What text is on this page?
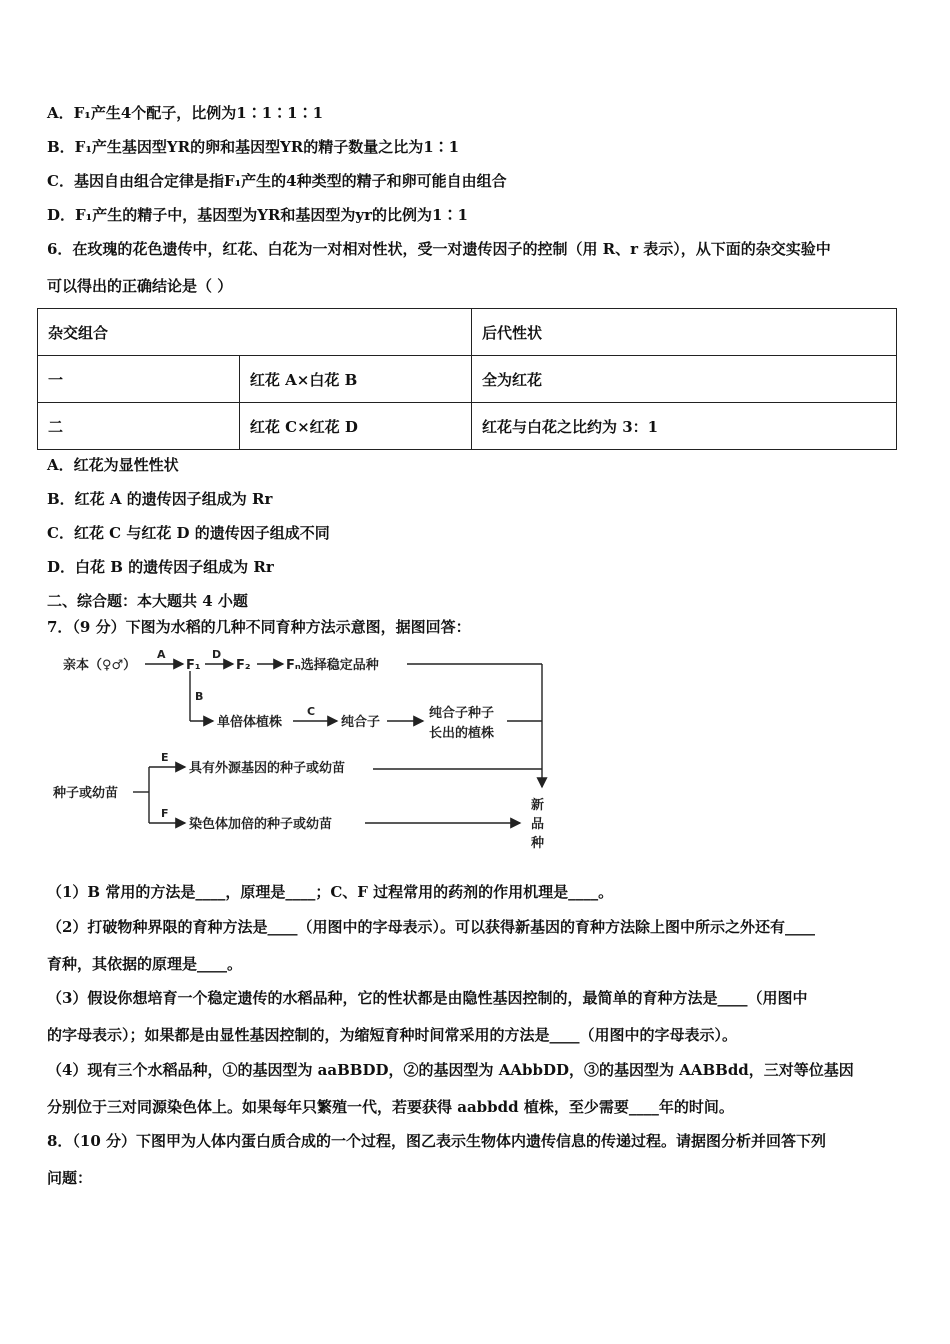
A．F₁产生4个配子，比例为1∶1∶1∶1
B．F₁产生基因型YR的卵和基因型YR的精子数量之比为1∶1
C．基因自由组合定律是指F₁产生的4种类型的精子和卵可能自由组合
D．F₁产生的精子中，基因型为YR和基因型为yr的比例为1∶1
6．在玫瑰的花色遗传中，红花、白花为一对相对性状，受一对遗传因子的控制（用 R、r 表示），从下面的杂交实验中
可以得出的正确结论是（ ）
杂交组合		后代性状
一	红花 A×白花 B	全为红花
二	红花 C×红花 D	红花与白花之比约为 3：1
A．红花为显性性状
B．红花 A 的遗传因子组成为 Rr
C．红花 C 与红花 D 的遗传因子组成不同
D．白花 B 的遗传因子组成为 Rr
二、综合题：本大题共 4 小题
7．（9 分）下图为水稻的几种不同育种方法示意图，据图回答：
亲本（♀♂）
A
F₁
D
F₂	Fₙ选择稳定品种
B
单倍体植株
C
纯合子
纯合子种子
长出的植株
种子或幼苗
E
具有外源基因的种子或幼苗
F
染色体加倍的种子或幼苗
新
品
种
（1）B 常用的方法是____，原理是____；C、F 过程常用的药剂的作用机理是____。
（2）打破物种界限的育种方法是____（用图中的字母表示）。可以获得新基因的育种方法除上图中所示之外还有____
育种，其依据的原理是____。
（3）假设你想培育一个稳定遗传的水稻品种，它的性状都是由隐性基因控制的，最简单的育种方法是____（用图中
的字母表示）；如果都是由显性基因控制的，为缩短育种时间常采用的方法是____（用图中的字母表示）。
（4）现有三个水稻品种，①的基因型为 aaBBDD，②的基因型为 AAbbDD，③的基因型为 AABBdd，三对等位基因
分别位于三对同源染色体上。如果每年只繁殖一代，若要获得 aabbdd 植株，至少需要____年的时间。
8．（10 分）下图甲为人体内蛋白质合成的一个过程，图乙表示生物体内遗传信息的传递过程。请据图分析并回答下列
问题：
